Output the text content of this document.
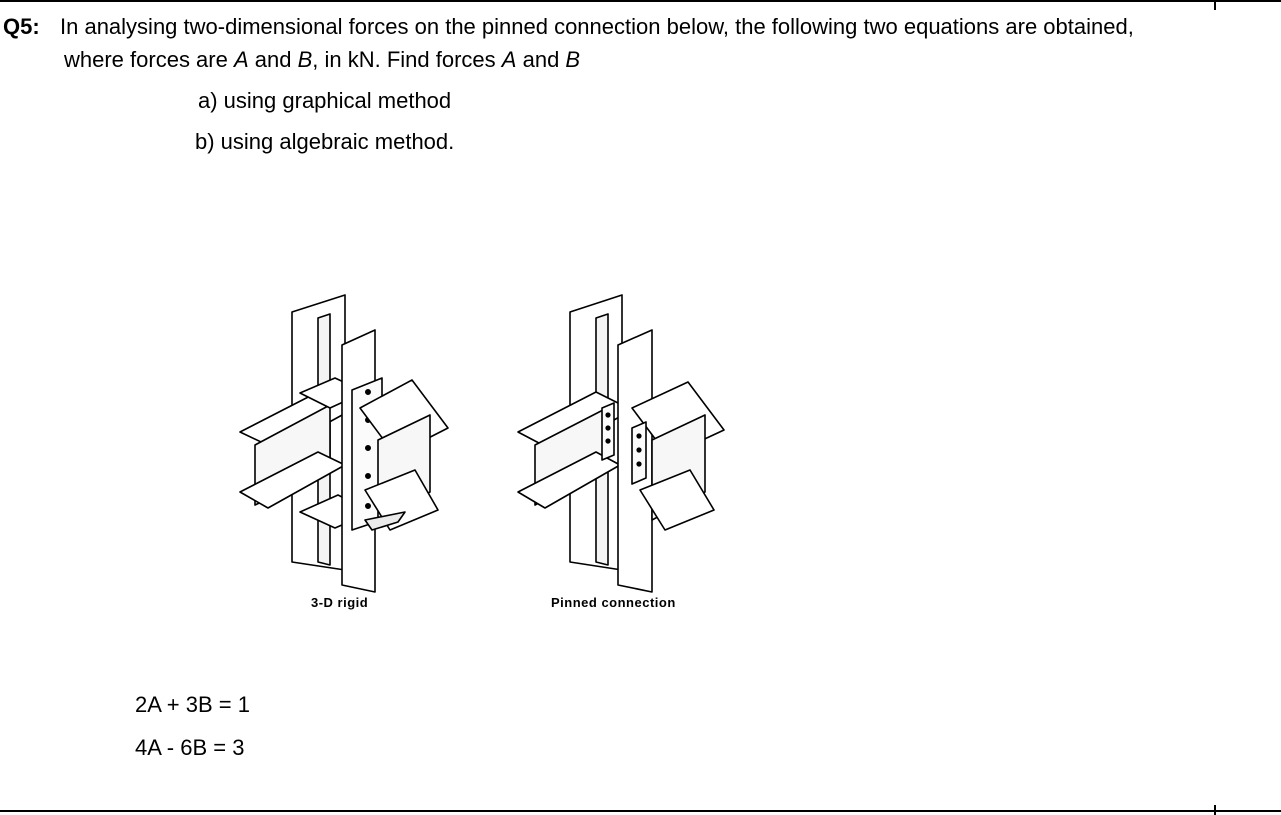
Q5: In analysing two-dimensional forces on the pinned connection below, the following two equations are obtained,
where forces are A and B, in kN. Find forces A and B
a) using graphical method
b) using algebraic method.
3-D rigid	Pinned connection
2A + 3B = 1
4A - 6B = 3
